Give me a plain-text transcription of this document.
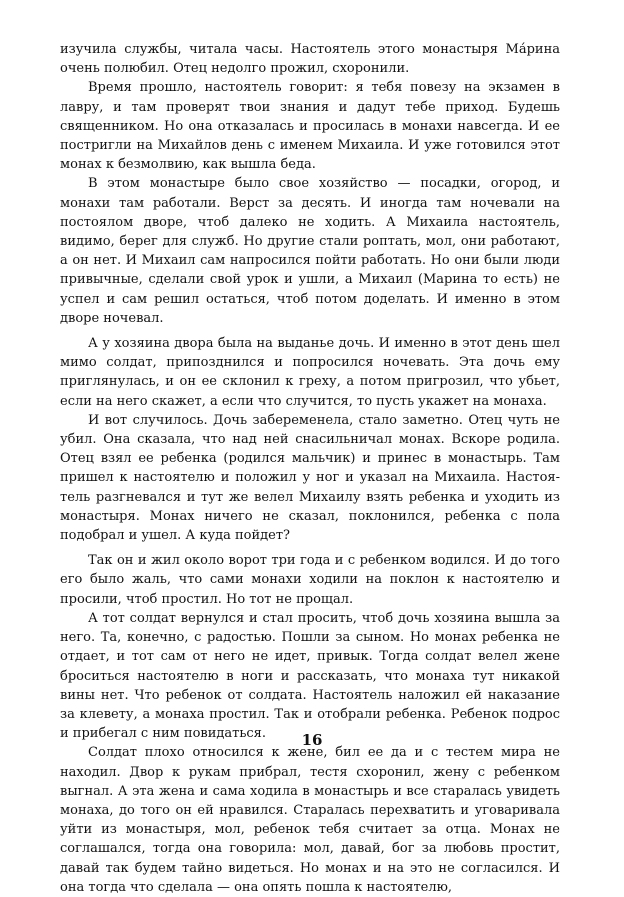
изучила службы, читала часы. Настоятель этого монастыря Ма́рина очень полюбил. Отец недолго прожил, схоронили.

Время прошло, настоятель говорит: я тебя повезу на экзамен в лавру, и там проверят твои знания и дадут тебе приход. Будешь священником. Но она отказалась и просилась в монахи навсегда. И ее постригли на Михайлов день с именем Михаила. И уже готовился этот монах к безмолвию, как вышла беда.

В этом монастыре было свое хозяйство — посадки, огород, и монахи там работали. Верст за десять. И иногда там ночевали на постоялом дворе, чтоб далеко не ходить. А Михаила настоятель, видимо, берег для служб. Но другие стали роптать, мол, они работают, а он нет. И Михаил сам напросился пойти работать. Но они были люди привычные, сделали свой урок и ушли, а Михаил (Марина то есть) не успел и сам решил остаться, чтоб потом доделать. И именно в этом дворе ночевал.

А у хозяина двора была на выданье дочь. И именно в этот день шел мимо солдат, припозднился и попросился ночевать. Эта дочь ему приглянулась, и он ее склонил к греху, а потом пригрозил, что убьет, если на него скажет, а если что случится, то пусть укажет на монаха.

И вот случилось. Дочь забеременела, стало заметно. Отец чуть не убил. Она сказала, что над ней снасильничал монах. Вскоре родила. Отец взял ее ребенка (родился мальчик) и принес в монастырь. Там пришел к настоятелю и положил у ног и указал на Михаила. Настоятель разгневался и тут же велел Михаилу взять ребенка и уходить из монастыря. Монах ничего не сказал, поклонился, ребенка с пола подобрал и ушел. А куда пойдет?

Так он и жил около ворот три года и с ребенком водился. И до того его было жаль, что сами монахи ходили на поклон к настоятелю и просили, чтоб простил. Но тот не прощал.

А тот солдат вернулся и стал просить, чтоб дочь хозяина вышла за него. Та, конечно, с радостью. Пошли за сыном. Но монах ребенка не отдает, и тот сам от него не идет, привык. Тогда солдат велел жене броситься настоятелю в ноги и рассказать, что монаха тут никакой вины нет. Что ребенок от солдата. Настоятель наложил ей наказание за клевету, а монаха простил. Так и отобрали ребенка. Ребенок подрос и прибегал с ним повидаться.

Солдат плохо относился к жене, бил ее да и с тестем мира не находил. Двор к рукам прибрал, тестя схоронил, жену с ребенком выгнал. А эта жена и сама ходила в монастырь и все старалась увидеть монаха, до того он ей нравился. Старалась перехватить и уговаривала уйти из монастыря, мол, ребенок тебя считает за отца. Монах не соглашался, тогда она говорила: мол, давай, бог за любовь простит, давай так будем тайно видеться. Но монах и на это не согласился. И она тогда что сделала — она опять пошла к настоятелю,

16
